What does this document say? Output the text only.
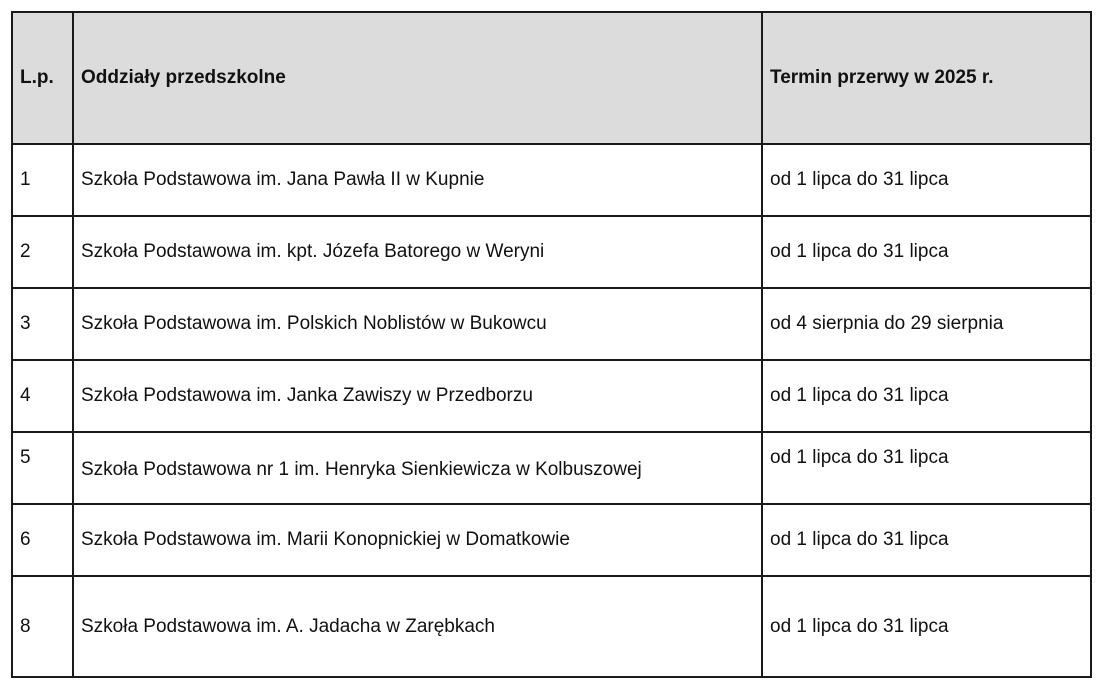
L.p.	Oddziały przedszkolne	Termin przerwy w 2025 r.
1	Szkoła Podstawowa im. Jana Pawła II w Kupnie	od 1 lipca do 31 lipca
2	Szkoła Podstawowa im. kpt. Józefa Batorego w Weryni	od 1 lipca do 31 lipca
3	Szkoła Podstawowa im. Polskich Noblistów w Bukowcu	od 4 sierpnia do 29 sierpnia
4	Szkoła Podstawowa im. Janka Zawiszy w Przedborzu	od 1 lipca do 31 lipca
5	Szkoła Podstawowa nr 1 im. Henryka Sienkiewicza w Kolbuszowej	od 1 lipca do 31 lipca
6	Szkoła Podstawowa im. Marii Konopnickiej w Domatkowie	od 1 lipca do 31 lipca
8	Szkoła Podstawowa im. A. Jadacha w Zarębkach	od 1 lipca do 31 lipca
